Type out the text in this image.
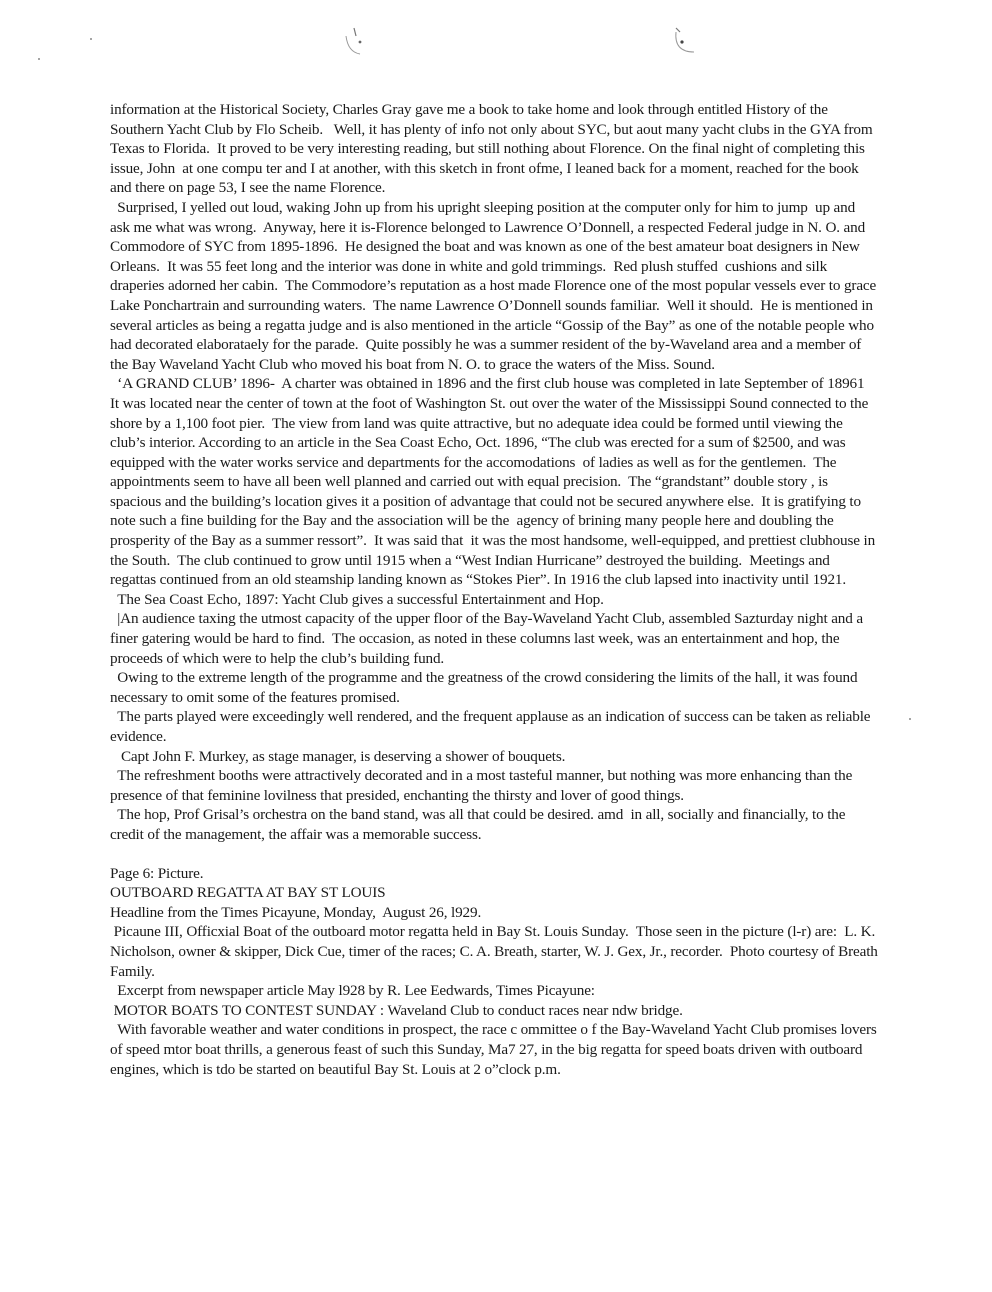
information at the Historical Society, Charles Gray gave me a book to take home and look through entitled History of the Southern Yacht Club by Flo Scheib.   Well, it has plenty of info not only about SYC, but aout many yacht clubs in the GYA from Texas to Florida.  It proved to be very interesting reading, but still nothing about Florence. On the final night of completing this issue, John  at one compu ter and I at another, with this sketch in front ofme, I leaned back for a moment, reached for the book and there on page 53, I see the name Florence.

Surprised, I yelled out loud, waking John up from his upright sleeping position at the computer only for him to jump  up and ask me what was wrong.  Anyway, here it is-Florence belonged to Lawrence O’Donnell, a respected Federal judge in N. O. and Commodore of SYC from 1895-1896.  He designed the boat and was known as one of the best amateur boat designers in New Orleans.  It was 55 feet long and the interior was done in white and gold trimmings.  Red plush stuffed  cushions and silk draperies adorned her cabin.  The Commodore’s reputation as a host made Florence one of the most popular vessels ever to grace Lake Ponchartrain and surrounding waters.  The name Lawrence O’Donnell sounds familiar.  Well it should.  He is mentioned in several articles as being a regatta judge and is also mentioned in the article “Gossip of the Bay” as one of the notable people who had decorated elaborataely for the parade.  Quite possibly he was a summer resident of the by-Waveland area and a member of the Bay Waveland Yacht Club who moved his boat from N. O. to grace the waters of the Miss. Sound.

‘A GRAND CLUB’ 1896-  A charter was obtained in 1896 and the first club house was completed in late September of 18961  It was located near the center of town at the foot of Washington St. out over the water of the Mississippi Sound connected to the shore by a 1,100 foot pier.  The view from land was quite attractive, but no adequate idea could be formed until viewing the club’s interior. According to an article in the Sea Coast Echo, Oct. 1896, “The club was erected for a sum of $2500, and was equipped with the water works service and departments for the accomodations  of ladies as well as for the gentlemen.  The appointments seem to have all been well planned and carried out with equal precision.  The “grandstant” double story , is spacious and the building’s location gives it a position of advantage that could not be secured anywhere else.  It is gratifying to note such a fine building for the Bay and the association will be the  agency of brining many people here and doubling the prosperity of the Bay as a summer ressort”.  It was said that  it was the most handsome, well-equipped, and prettiest clubhouse in the South.  The club continued to grow until 1915 when a “West Indian Hurricane” destroyed the building.  Meetings and regattas continued from an old steamship landing known as “Stokes Pier”. In 1916 the club lapsed into inactivity until 1921.

The Sea Coast Echo, 1897: Yacht Club gives a successful Entertainment and Hop.

|An audience taxing the utmost capacity of the upper floor of the Bay-Waveland Yacht Club, assembled Sazturday night and a finer gatering would be hard to find.  The occasion, as noted in these columns last week, was an entertainment and hop, the proceeds of which were to help the club’s building fund.

Owing to the extreme length of the programme and the greatness of the crowd considering the limits of the hall, it was found necessary to omit some of the features promised.

The parts played were exceedingly well rendered, and the frequent applause as an indication of success can be taken as reliable evidence.

Capt John F. Murkey, as stage manager, is deserving a shower of bouquets.

The refreshment booths were attractively decorated and in a most tasteful manner, but nothing was more enhancing than the presence of that feminine lovilness that presided, enchanting the thirsty and lover of good things.

The hop, Prof Grisal’s orchestra on the band stand, was all that could be desired. amd  in all, socially and financially, to the credit of the management, the affair was a memorable success.

Page 6: Picture.

OUTBOARD REGATTA AT BAY ST LOUIS

Headline from the Times Picayune, Monday,  August 26, l929.

Picaune III, Officxial Boat of the outboard motor regatta held in Bay St. Louis Sunday.  Those seen in the picture (l-r) are:  L. K. Nicholson, owner & skipper, Dick Cue, timer of the races; C. A. Breath, starter, W. J. Gex, Jr., recorder.  Photo courtesy of Breath Family.

Excerpt from newspaper article May l928 by R. Lee Eedwards, Times Picayune:

MOTOR BOATS TO CONTEST SUNDAY : Waveland Club to conduct races near ndw bridge.

With favorable weather and water conditions in prospect, the race c ommittee o f the Bay-Waveland Yacht Club promises lovers of speed mtor boat thrills, a generous feast of such this Sunday, Ma7 27, in the big regatta for speed boats driven with outboard engines, which is tdo be started on beautiful Bay St. Louis at 2 o”clock p.m.
